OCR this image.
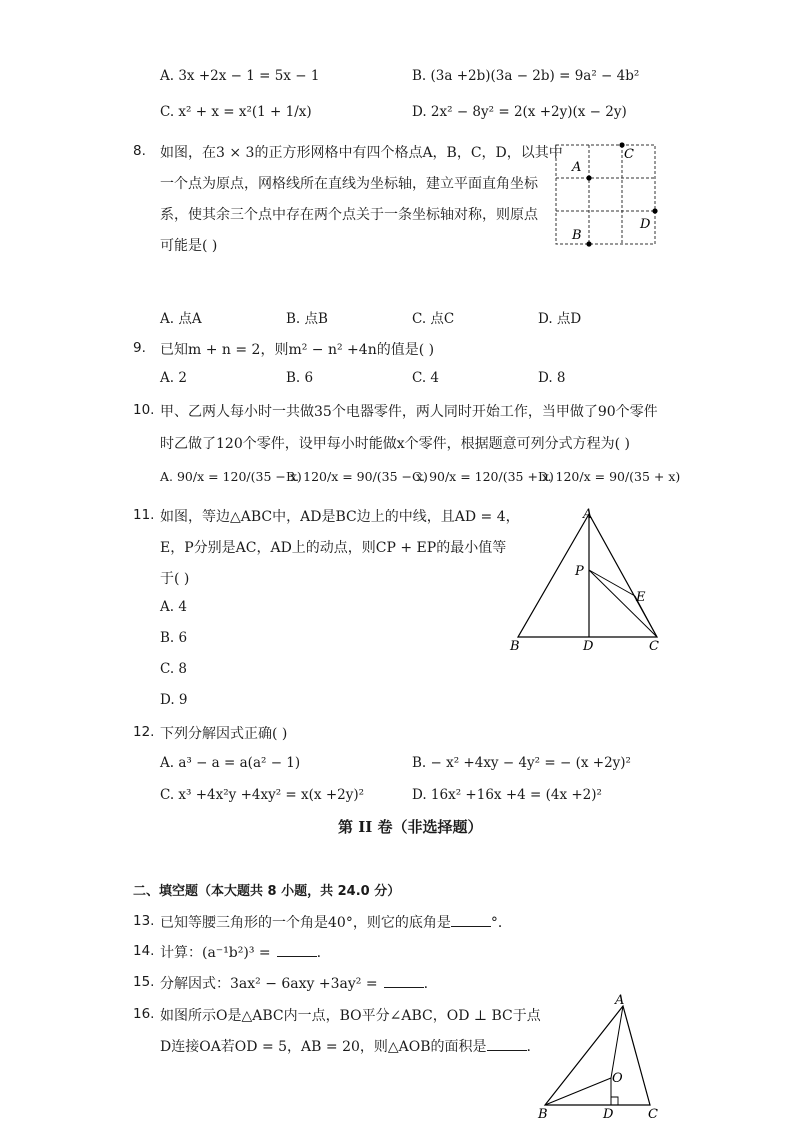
A. 3x +2x − 1 = 5x − 1	B. (3a +2b)(3a − 2b) = 9a² − 4b²
C. x² + x = x²(1 + 1/x)	D. 2x² − 8y² = 2(x +2y)(x − 2y)
8. 如图，在3 × 3的正方形网格中有四个格点A，B，C，D，以其中
一个点为原点，网格线所在直线为坐标轴，建立平面直角坐标
系，使其余三个点中存在两个点关于一条坐标轴对称，则原点
可能是( )
A
B
C
D
A. 点A	B. 点B	C. 点C	D. 点D
9. 已知m + n = 2，则m² − n² +4n的值是( )
A. 2	B. 6	C. 4	D. 8
10. 甲、乙两人每小时一共做35个电器零件，两人同时开始工作，当甲做了90个零件
时乙做了120个零件，设甲每小时能做x个零件，根据题意可列分式方程为( )
A. 90/x = 120/(35 − x)
B. 120/x = 90/(35 − x)
C. 90/x = 120/(35 + x)
D. 120/x = 90/(35 + x)
11. 如图，等边△ABC中，AD是BC边上的中线，且AD = 4，
E，P分别是AC，AD上的动点，则CP + EP的最小值等
于( )
A. 4
B. 6
C. 8
D. 9
A
B	C
D
P
E
12. 下列分解因式正确( )
A. a³ − a = a(a² − 1)	B. − x² +4xy − 4y² = − (x +2y)²
C. x³ +4x²y +4xy² = x(x +2y)²	D. 16x² +16x +4 = (4x +2)²
第 II 卷（非选择题）
二、填空题（本大题共 8 小题，共 24.0 分）
13. 已知等腰三角形的一个角是40°，则它的底角是	°．
14. 计算：(a⁻¹b²)³ =	.
15. 分解因式：3ax² − 6axy +3ay² =	.
16. 如图所示O是△ABC内一点，BO平分∠ABC，OD ⊥ BC于点
D连接OA若OD = 5，AB = 20，则△AOB的面积是	.
A
B	C
D
O
